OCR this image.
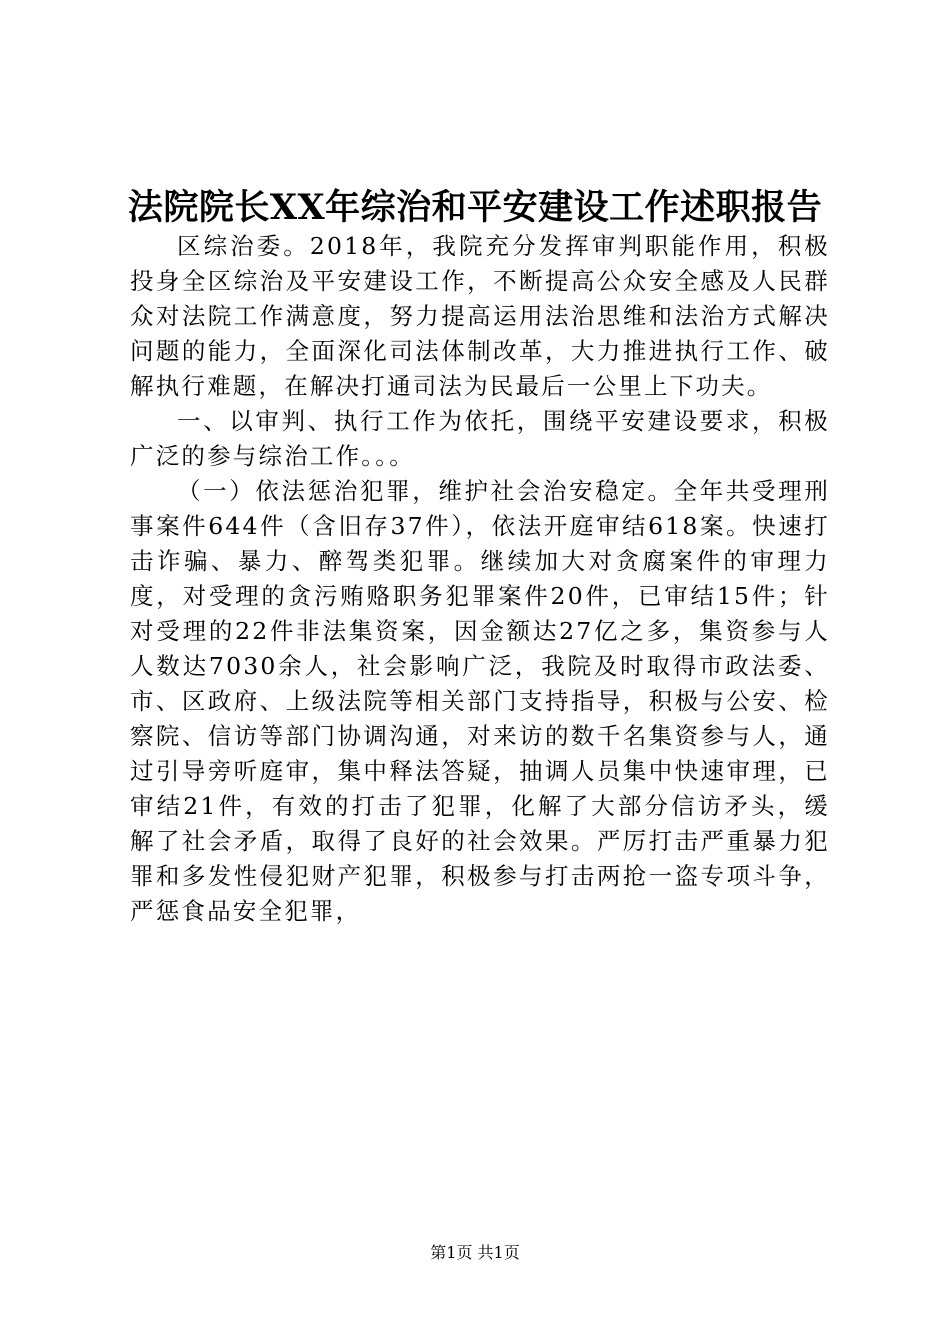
法院院长XX年综治和平安建设工作述职报告

区综治委。2018年，我院充分发挥审判职能作用，积极投身全区综治及平安建设工作，不断提高公众安全感及人民群众对法院工作满意度，努力提高运用法治思维和法治方式解决问题的能力，全面深化司法体制改革，大力推进执行工作、破解执行难题，在解决打通司法为民最后一公里上下功夫。

一、以审判、执行工作为依托，围绕平安建设要求，积极广泛的参与综治工作。。。

（一）依法惩治犯罪，维护社会治安稳定。全年共受理刑事案件644件（含旧存37件），依法开庭审结618案。快速打击诈骗、暴力、醉驾类犯罪。继续加大对贪腐案件的审理力度，对受理的贪污贿赂职务犯罪案件20件，已审结15件；针对受理的22件非法集资案，因金额达27亿之多，集资参与人人数达7030余人，社会影响广泛，我院及时取得市政法委、市、区政府、上级法院等相关部门支持指导，积极与公安、检察院、信访等部门协调沟通，对来访的数千名集资参与人，通过引导旁听庭审，集中释法答疑，抽调人员集中快速审理，已审结21件，有效的打击了犯罪，化解了大部分信访矛头，缓解了社会矛盾，取得了良好的社会效果。严厉打击严重暴力犯罪和多发性侵犯财产犯罪，积极参与打击两抢一盗专项斗争，严惩食品安全犯罪，

第1页 共1页
